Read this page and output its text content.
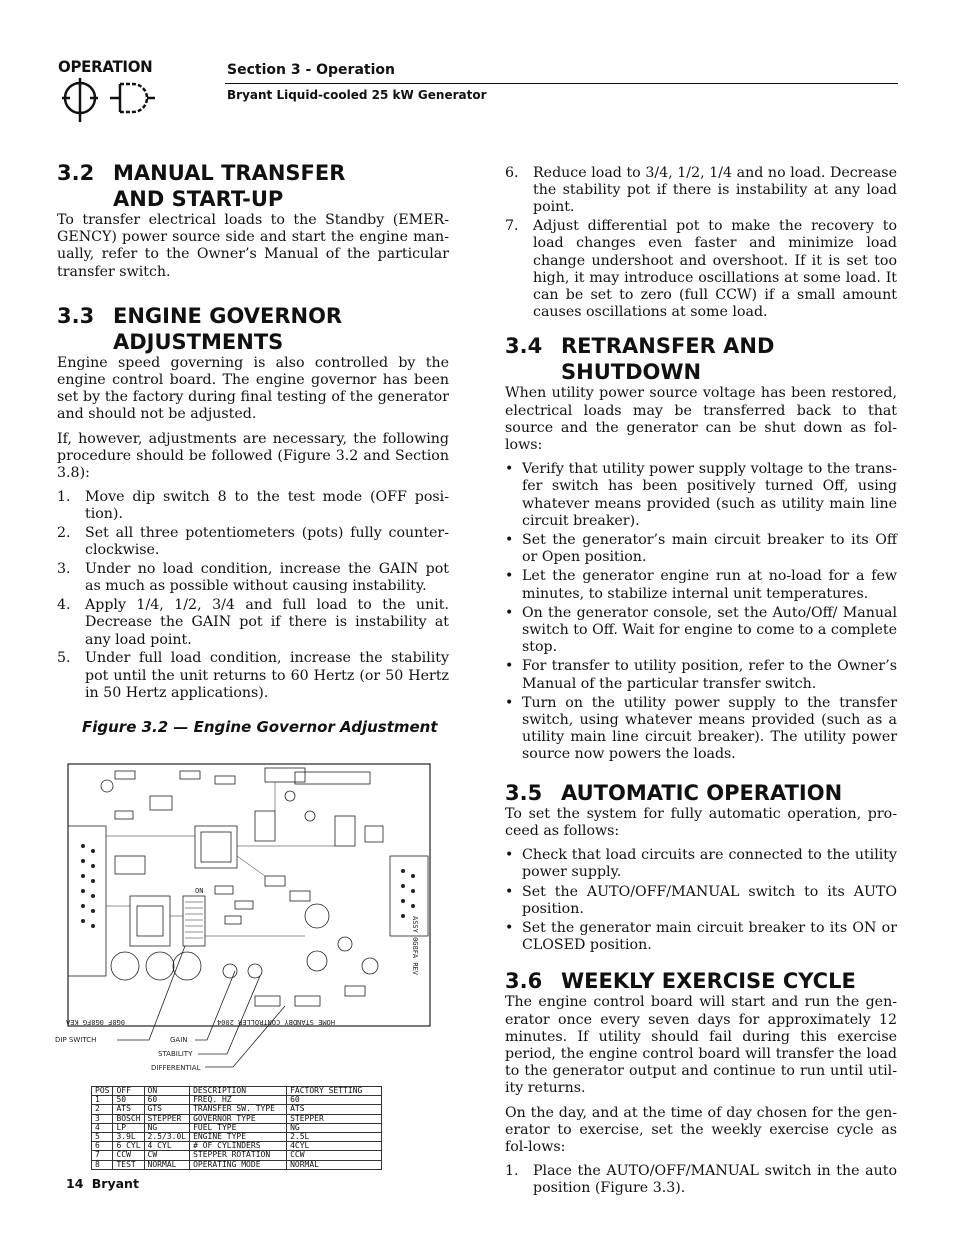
OPERATION	Section 3 - Operation
Bryant Liquid-cooled 25 kW Generator
3.2 MANUAL TRANSFER AND START-UP

To transfer electrical loads to the Standby (EMER-GENCY) power source side and start the engine man-ually, refer to the Owner’s Manual of the particular transfer switch.

3.3 ENGINE GOVERNOR ADJUSTMENTS

Engine speed governing is also controlled by the engine control board. The engine governor has been set by the factory during final testing of the generator and should not be adjusted.

If, however, adjustments are necessary, the following procedure should be followed (Figure 3.2 and Section 3.8):

1.	Move dip switch 8 to the test mode (OFF posi-tion).
2.	Set all three potentiometers (pots) fully counter-clockwise.
3.	Under no load condition, increase the GAIN pot as much as possible without causing instability.
4.	Apply 1/4, 1/2, 3/4 and full load to the unit. Decrease the GAIN pot if there is instability at any load point.
5.	Under full load condition, increase the stability pot until the unit returns to 60 Hertz (or 50 Hertz in 50 Hertz applications).
Figure 3.2 — Engine Governor Adjustment
ON
HOME STANDBY CONTROLLER 2004
0G8F 0G8FG KEA
ASSY 0G8FA REV
DIP SWITCH	GAIN
STABILITY
DIFFERENTIAL
POS	OFF	ON	DESCRIPTION	FACTORY SETTING
1	50	60	FREQ. HZ	60
2	ATS	GTS	TRANSFER SW. TYPE	ATS
3	BOSCH	STEPPER	GOVERNOR TYPE	STEPPER
4	LP	NG	FUEL TYPE	NG
5	3.9L	2.5/3.0L	ENGINE TYPE	2.5L
6	6 CYL	4 CYL	# OF CYLINDERS	4CYL
7	CCW	CW	STEPPER ROTATION	CCW
8	TEST	NORMAL	OPERATING MODE	NORMAL
6.	Reduce load to 3/4, 1/2, 1/4 and no load. Decrease the stability pot if there is instability at any load point.
7.	Adjust differential pot to make the recovery to load changes even faster and minimize load change undershoot and overshoot. If it is set too high, it may introduce oscillations at some load. It can be set to zero (full CCW) if a small amount causes oscillations at some load.
3.4 RETRANSFER AND SHUTDOWN

When utility power source voltage has been restored, electrical loads may be transferred back to that source and the generator can be shut down as fol-lows:

• Verify that utility power supply voltage to the trans-fer switch has been positively turned Off, using whatever means provided (such as utility main line circuit breaker).
• Set the generator’s main circuit breaker to its Off or Open position.
• Let the generator engine run at no-load for a few minutes, to stabilize internal unit temperatures.
• On the generator console, set the Auto/Off/ Manual switch to Off. Wait for engine to come to a complete stop.
• For transfer to utility position, refer to the Owner’s Manual of the particular transfer switch.
• Turn on the utility power supply to the transfer switch, using whatever means provided (such as a utility main line circuit breaker). The utility power source now powers the loads.
3.5 AUTOMATIC OPERATION

To set the system for fully automatic operation, pro-ceed as follows:

• Check that load circuits are connected to the utility power supply.
• Set the AUTO/OFF/MANUAL switch to its AUTO position.
• Set the generator main circuit breaker to its ON or CLOSED position.
3.6 WEEKLY EXERCISE CYCLE

The engine control board will start and run the gen-erator once every seven days for approximately 12 minutes. If utility should fail during this exercise period, the engine control board will transfer the load to the generator output and continue to run until util-ity returns.

On the day, and at the time of day chosen for the gen-erator to exercise, set the weekly exercise cycle as fol-lows:

1.	Place the AUTO/OFF/MANUAL switch in the auto position (Figure 3.3).
14 Bryant
